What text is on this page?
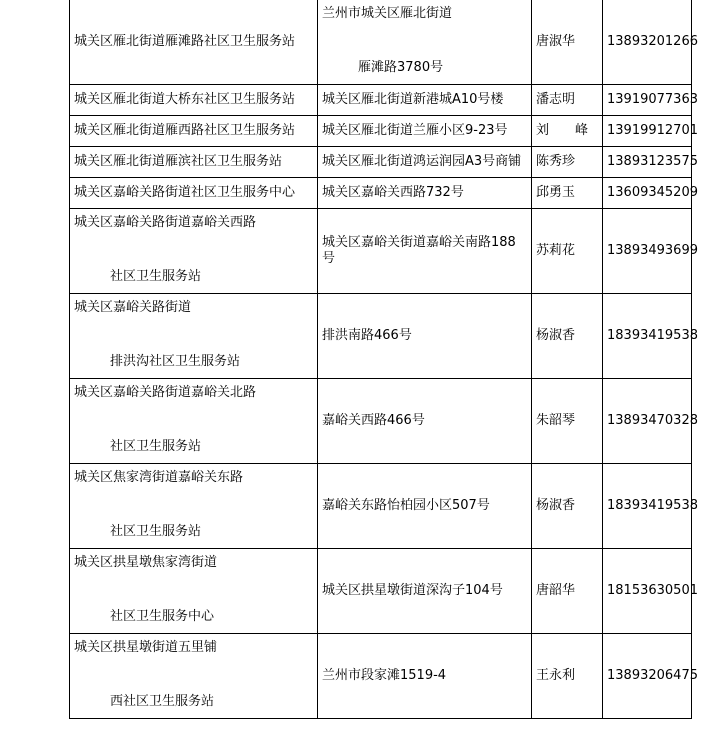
城关区雁北街道雁滩路社区卫生服务站	兰州市城关区雁北街道
雁滩路3780号	唐淑华	13893201266
城关区雁北街道大桥东社区卫生服务站	城关区雁北街道新港城A10号楼	潘志明	13919077363
城关区雁北街道雁西路社区卫生服务站	城关区雁北街道兰雁小区9-23号	刘　　峰	13919912701
城关区雁北街道雁滨社区卫生服务站	城关区雁北街道鸿运润园A3号商铺	陈秀珍	13893123575
城关区嘉峪关路街道社区卫生服务中心	城关区嘉峪关西路732号	邱勇玉	13609345209

城关区嘉峪关路街道嘉峪关西路
社区卫生服务站	城关区嘉峪关街道嘉峪关南路188号	苏莉花	13893493699

城关区嘉峪关路街道
排洪沟社区卫生服务站	排洪南路466号	杨淑香	18393419538

城关区嘉峪关路街道嘉峪关北路
社区卫生服务站	嘉峪关西路466号	朱韶琴	13893470328

城关区焦家湾街道嘉峪关东路
社区卫生服务站	嘉峪关东路怡柏园小区507号	杨淑香	18393419538

城关区拱星墩焦家湾街道
社区卫生服务中心	城关区拱星墩街道深沟子104号	唐韶华	18153630501

城关区拱星墩街道五里铺
西社区卫生服务站	兰州市段家滩1519-4	王永利	13893206475
